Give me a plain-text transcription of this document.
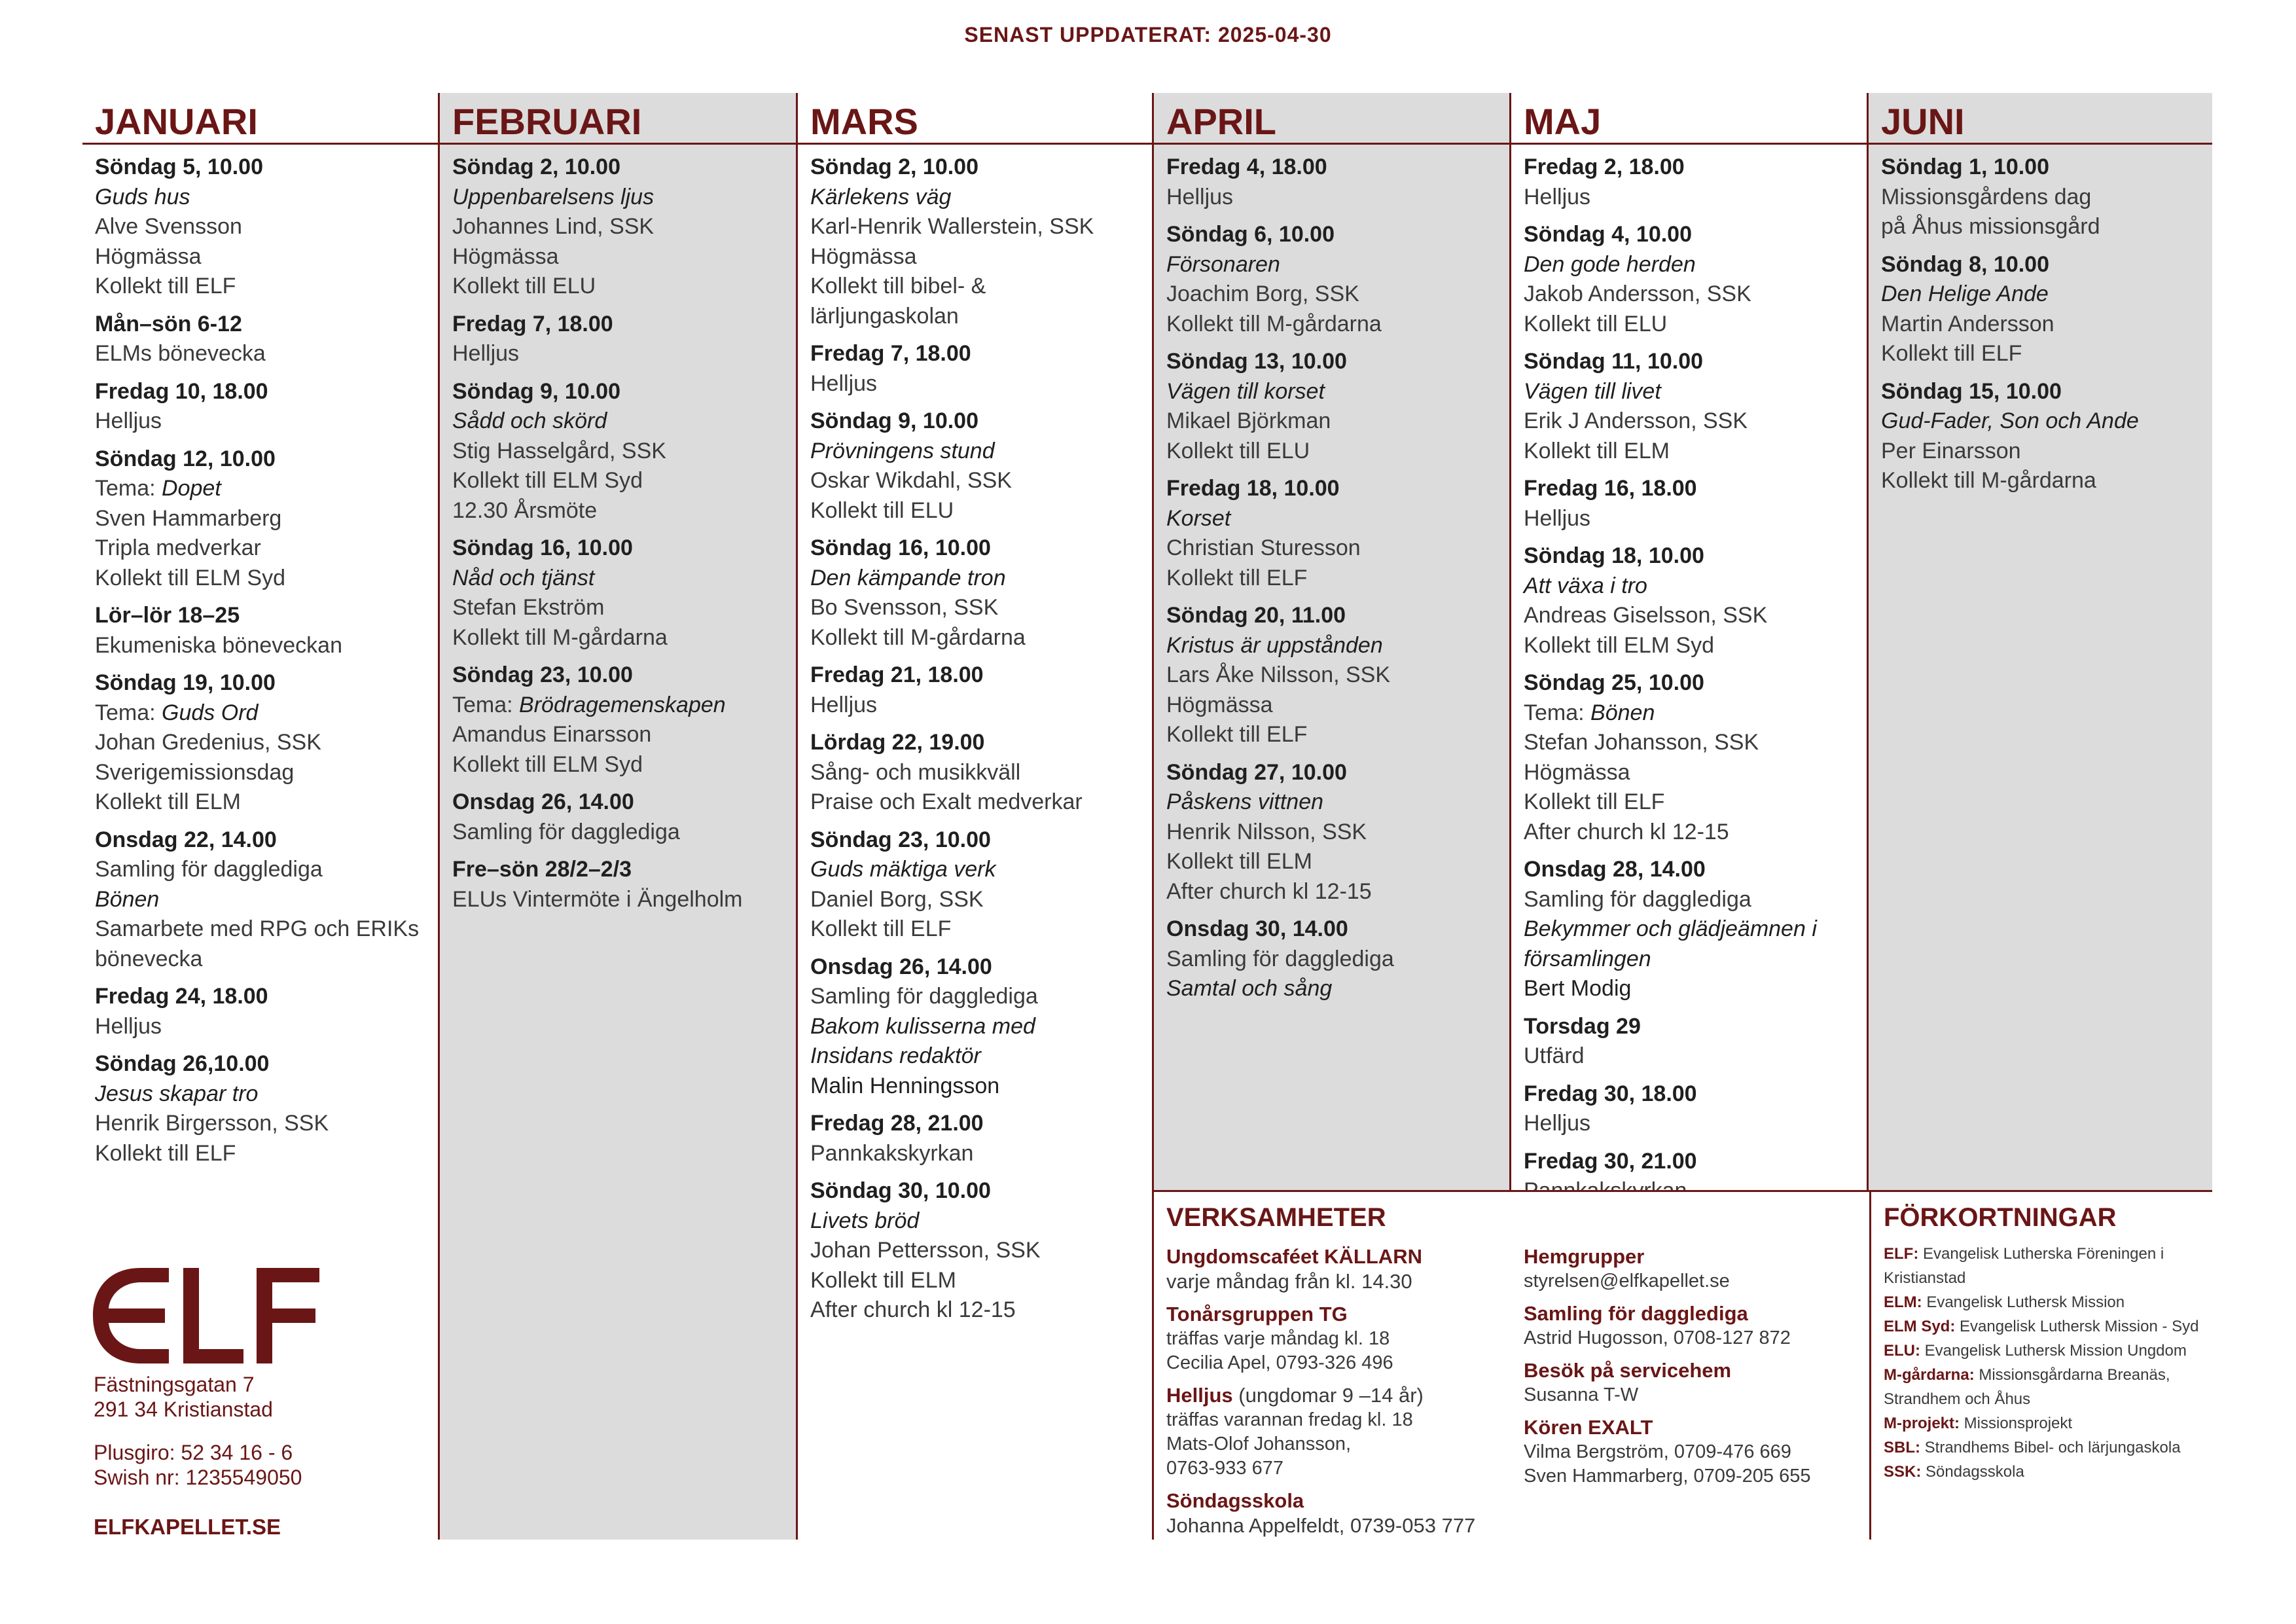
SENAST UPPDATERAT: 2025-04-30
JANUARI
Söndag 5, 10.00
Guds hus
Alve Svensson
Högmässa
Kollekt till ELF
Mån–sön 6-12
ELMs bönevecka
Fredag 10, 18.00
Helljus
Söndag 12, 10.00
Tema: Dopet
Sven Hammarberg
Tripla medverkar
Kollekt till ELM Syd
Lör–lör 18–25
Ekumeniska böneveckan
Söndag 19, 10.00
Tema: Guds Ord
Johan Gredenius, SSK
Sverigemissionsdag
Kollekt till ELM
Onsdag 22, 14.00
Samling för dagglediga
Bönen
Samarbete med RPG och ERIKs
bönevecka
Fredag 24, 18.00
Helljus
Söndag 26,10.00
Jesus skapar tro
Henrik Birgersson, SSK
Kollekt till ELF
FEBRUARI
Söndag 2, 10.00
Uppenbarelsens ljus
Johannes Lind, SSK
Högmässa
Kollekt till ELU
Fredag 7, 18.00
Helljus
Söndag 9, 10.00
Sådd och skörd
Stig Hasselgård, SSK
Kollekt till ELM Syd
12.30 Årsmöte
Söndag 16, 10.00
Nåd och tjänst
Stefan Ekström
Kollekt till M-gårdarna
Söndag 23, 10.00
Tema: Brödragemenskapen
Amandus Einarsson
Kollekt till ELM Syd
Onsdag 26, 14.00
Samling för dagglediga
Fre–sön 28/2–2/3
ELUs Vintermöte i Ängelholm
MARS
Söndag 2, 10.00
Kärlekens väg
Karl-Henrik Wallerstein, SSK
Högmässa
Kollekt till bibel- &
lärljungaskolan
Fredag 7, 18.00
Helljus
Söndag 9, 10.00
Prövningens stund
Oskar Wikdahl, SSK
Kollekt till ELU
Söndag 16, 10.00
Den kämpande tron
Bo Svensson, SSK
Kollekt till M-gårdarna
Fredag 21, 18.00
Helljus
Lördag 22, 19.00
Sång- och musikkväll
Praise och Exalt medverkar
Söndag 23, 10.00
Guds mäktiga verk
Daniel Borg, SSK
Kollekt till ELF
Onsdag 26, 14.00
Samling för dagglediga
Bakom kulisserna med
Insidans redaktör
Malin Henningsson
Fredag 28, 21.00
Pannkakskyrkan
Söndag 30, 10.00
Livets bröd
Johan Pettersson, SSK
Kollekt till ELM
After church kl 12-15
APRIL
Fredag 4, 18.00
Helljus
Söndag 6, 10.00
Försonaren
Joachim Borg, SSK
Kollekt till M-gårdarna
Söndag 13, 10.00
Vägen till korset
Mikael Björkman
Kollekt till ELU
Fredag 18, 10.00
Korset
Christian Sturesson
Kollekt till ELF
Söndag 20, 11.00
Kristus är uppstånden
Lars Åke Nilsson, SSK
Högmässa
Kollekt till ELF
Söndag 27, 10.00
Påskens vittnen
Henrik Nilsson, SSK
Kollekt till ELM
After church kl 12-15
Onsdag 30, 14.00
Samling för dagglediga
Samtal och sång
MAJ
Fredag 2, 18.00
Helljus
Söndag 4, 10.00
Den gode herden
Jakob Andersson, SSK
Kollekt till ELU
Söndag 11, 10.00
Vägen till livet
Erik J Andersson, SSK
Kollekt till ELM
Fredag 16, 18.00
Helljus
Söndag 18, 10.00
Att växa i tro
Andreas Giselsson, SSK
Kollekt till ELM Syd
Söndag 25, 10.00
Tema: Bönen
Stefan Johansson, SSK
Högmässa
Kollekt till ELF
After church kl 12-15
Onsdag 28, 14.00
Samling för dagglediga
Bekymmer och glädjeämnen i
församlingen
Bert Modig
Torsdag 29
Utfärd
Fredag 30, 18.00
Helljus
Fredag 30, 21.00
JUNI
Söndag 1, 10.00
Missionsgårdens dag
på Åhus missionsgård
Söndag 8, 10.00
Den Helige Ande
Martin Andersson
Kollekt till ELF
Söndag 15, 10.00
Gud-Fader, Son och Ande
Per Einarsson
Kollekt till M-gårdarna
VERKSAMHETER
Ungdomscaféet KÄLLARN
varje måndag från kl. 14.30
Tonårsgruppen TG
träffas varje måndag kl. 18
Cecilia Apel, 0793-326 496
Helljus (ungdomar 9 –14 år)
träffas varannan fredag kl. 18
Mats-Olof Johansson,
0763-933 677
Söndagsskola
Johanna Appelfeldt, 0739-053 777
Hemgrupper
styrelsen@elfkapellet.se
Samling för dagglediga
Astrid Hugosson, 0708-127 872
Besök på servicehem
Susanna T-W
Kören EXALT
Vilma Bergström, 0709-476 669
Sven Hammarberg, 0709-205 655
FÖRKORTNINGAR
ELF: Evangelisk Lutherska Föreningen i
Kristianstad
ELM: Evangelisk Luthersk Mission
ELM Syd: Evangelisk Luthersk Mission - Syd
ELU: Evangelisk Luthersk Mission Ungdom
M-gårdarna: Missionsgårdarna Breanäs,
Strandhem och Åhus
M-projekt: Missionsprojekt
SBL: Strandhems Bibel- och lärjungaskola
SSK: Söndagsskola
Fästningsgatan 7
291 34 Kristianstad
Plusgiro: 52 34 16 - 6
Swish nr: 1235549050
ELFKAPELLET.SE
